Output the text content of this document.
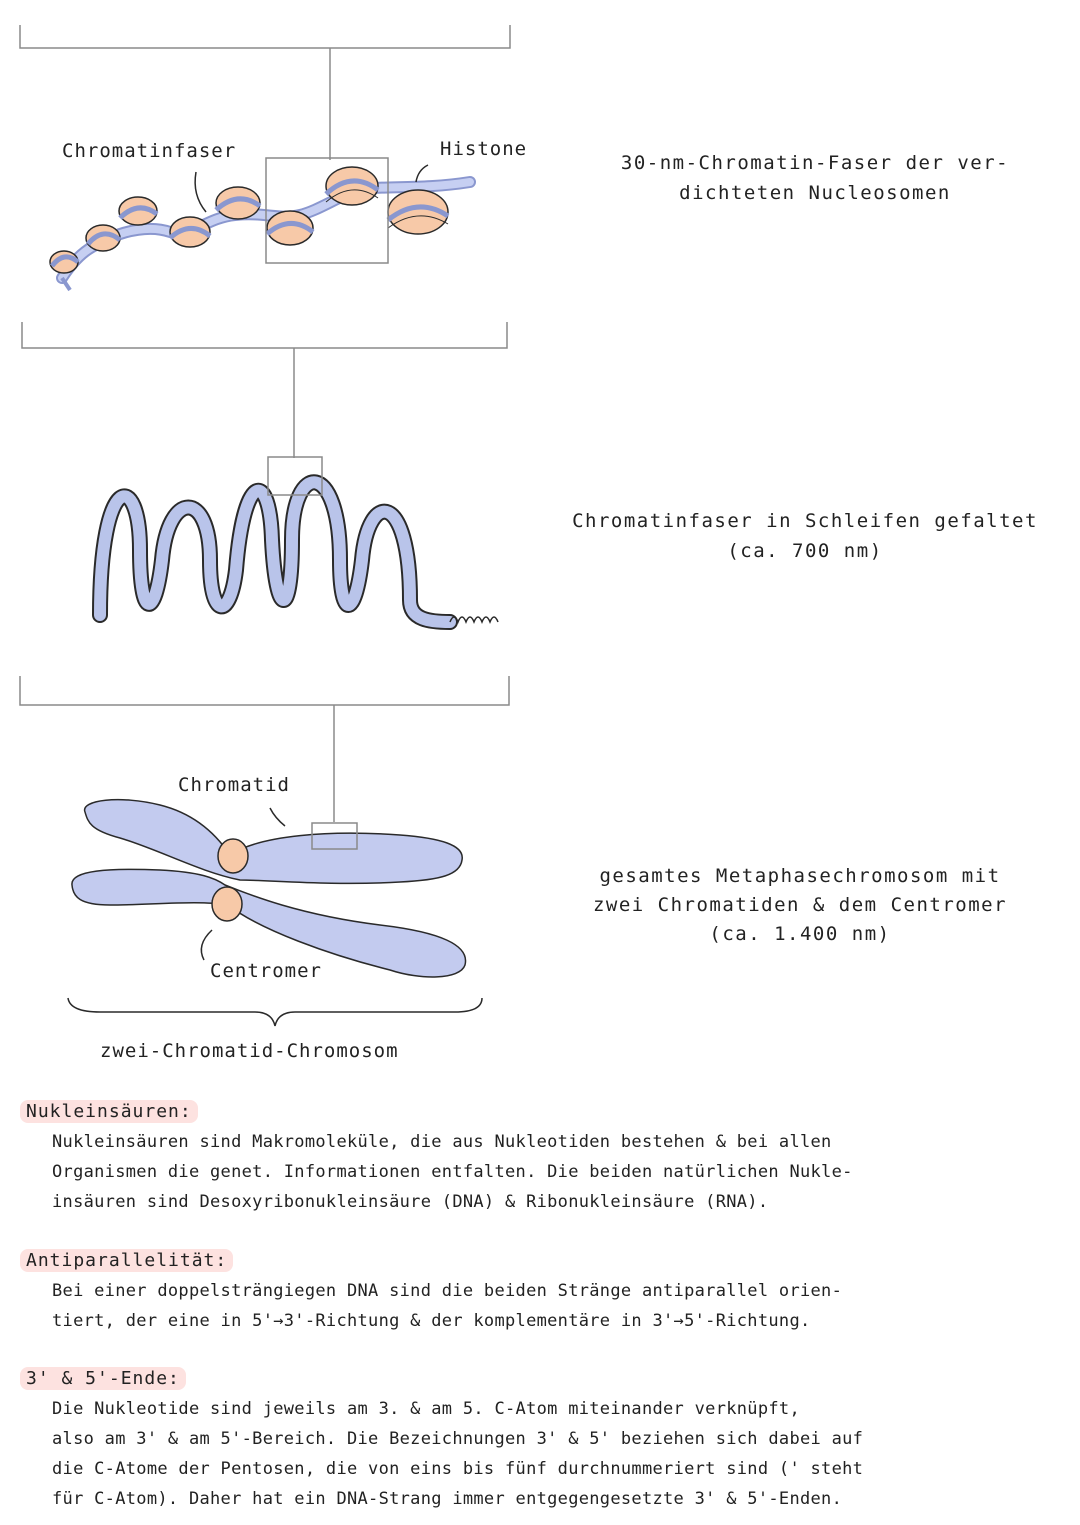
Chromatinfaser	Histone
30-nm-Chromatin-Faser der ver-
dichteten Nucleosomen
Chromatinfaser in Schleifen gefaltet
(ca. 700 nm)
Chromatid
Centromer
zwei-Chromatid-Chromosom
gesamtes Metaphasechromosom mit
zwei Chromatiden & dem Centromer
(ca. 1.400 nm)
Nukleinsäuren:
Nukleinsäuren sind Makromoleküle, die aus Nukleotiden bestehen & bei allen
Organismen die genet. Informationen entfalten. Die beiden natürlichen Nukle-
insäuren sind Desoxyribonukleinsäure (DNA) & Ribonukleinsäure (RNA).
Antiparallelität:
Bei einer doppelsträngiegen DNA sind die beiden Stränge antiparallel orien-
tiert, der eine in 5'→3'-Richtung & der komplementäre in 3'→5'-Richtung.
3' & 5'-Ende:
Die Nukleotide sind jeweils am 3. & am 5. C-Atom miteinander verknüpft,
also am 3' & am 5'-Bereich. Die Bezeichnungen 3' & 5' beziehen sich dabei auf
die C-Atome der Pentosen, die von eins bis fünf durchnummeriert sind (' steht
für C-Atom). Daher hat ein DNA-Strang immer entgegengesetzte 3' & 5'-Enden.
